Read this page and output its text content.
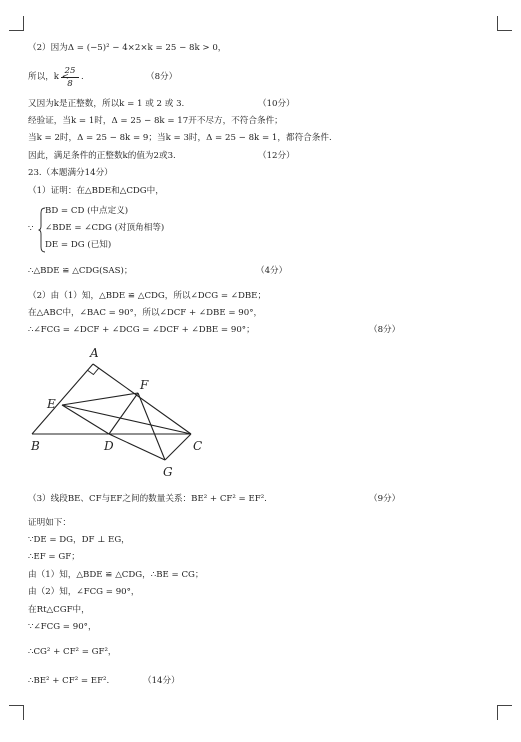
（2）因为Δ = (−5)² − 4×2×k = 25 − 8k > 0，
所以，k <
25
8
.	（8分）
又因为k是正整数，所以k = 1 或 2 或 3.	（10分）
经验证，当k = 1时，Δ = 25 − 8k = 17开不尽方，不符合条件；
当k = 2时，Δ = 25 − 8k = 9；当k = 3时，Δ = 25 − 8k = 1，都符合条件.
因此，满足条件的正整数k的值为2或3.	（12分）
23.（本题满分14分）
（1）证明：在△BDE和△CDG中，
∵
BD = CD (中点定义)
∠BDE = ∠CDG (对顶角相等)
DE = DG (已知)
∴△BDE ≌ △CDG(SAS)；	（4分）
（2）由（1）知，△BDE ≌ △CDG，所以∠DCG = ∠DBE；
在△ABC中，∠BAC = 90°，所以∠DCF + ∠DBE = 90°，
∴∠FCG = ∠DCF + ∠DCG = ∠DCF + ∠DBE = 90°；	（8分）
A
F
E
B	D	C
G
（3）线段BE、CF与EF之间的数量关系：BE² + CF² = EF².	（9分）
证明如下：
∵DE = DG，DF ⊥ EG，
∴EF = GF；
由（1）知，△BDE ≌ △CDG，∴BE = CG；
由（2）知，∠FCG = 90°，
在Rt△CGF中，
∵∠FCG = 90°，
∴CG² + CF² = GF²，
∴BE² + CF² = EF².	（14分）
